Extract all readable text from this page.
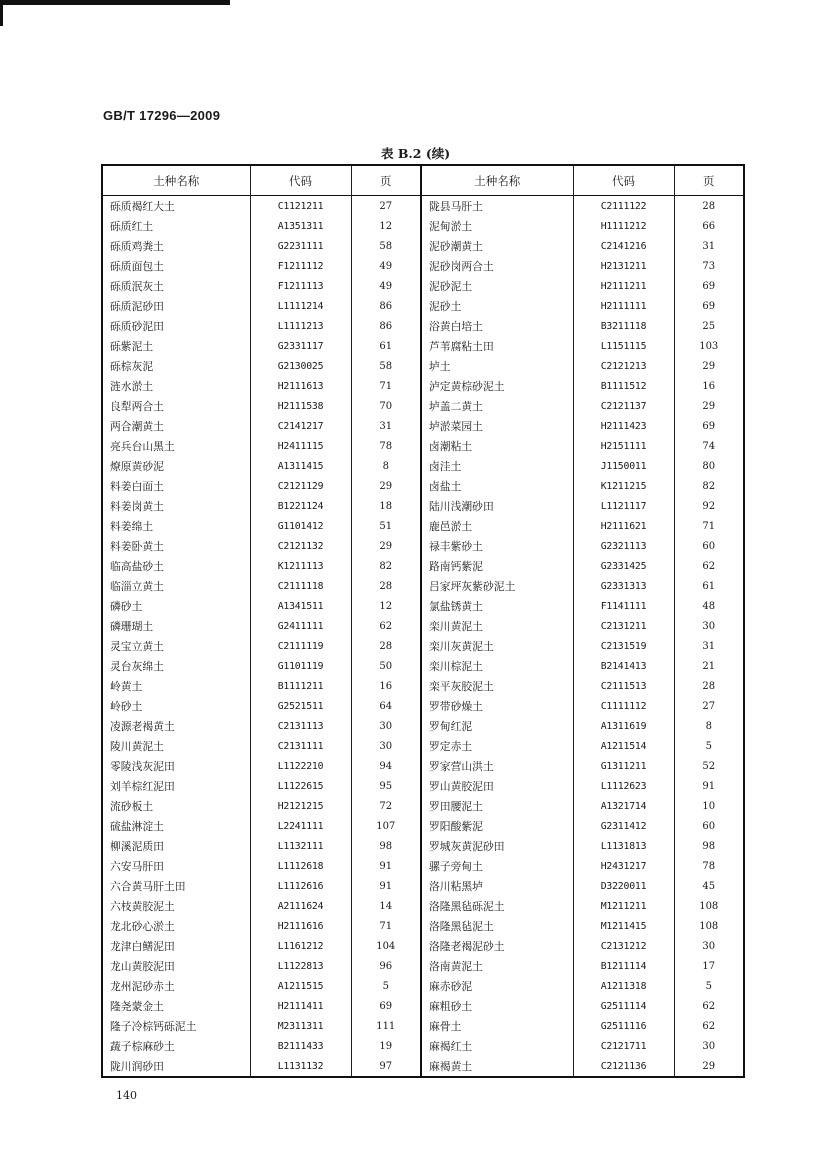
GB/T 17296—2009
表 B.2 (续)
土种名称	代码	页	土种名称	代码	页
砾质褐红大土	C1121211	27	陇县马肝土	C2111122	28
砾质红土	A1351311	12	泥甸淤土	H1111212	66
砾质鸡粪土	G2231111	58	泥砂潮黄土	C2141216	31
砾质面包土	F1211112	49	泥砂岗两合土	H2131211	73
砾质泯灰土	F1211113	49	泥砂泥土	H2111211	69
砾质泥砂田	L1111214	86	泥砂土	H2111111	69
砾质砂泥田	L1111213	86	浴黄白培土	B3211118	25
砾紫泥土	G2331117	61	芦苇腐粘土田	L1151115	103
砾棕灰泥	G2130025	58	垆土	C2121213	29
涟水淤土	H2111613	71	泸定黄棕砂泥土	B1111512	16
良犁两合土	H2111538	70	垆盖二黄土	C2121137	29
两合潮黄土	C2141217	31	垆淤菜园土	H2111423	69
亮兵台山黑土	H2411115	78	卤潮粘土	H2151111	74
燎原黄砂泥	A1311415	8	卤洼土	J1150011	80
料姜白面土	C2121129	29	卤盐土	K1211215	82
料姜岗黄土	B1221124	18	陆川浅潮砂田	L1121117	92
料姜绵土	G1101412	51	鹿邑淤土	H2111621	71
料姜卧黄土	C2121132	29	禄丰紫砂土	G2321113	60
临高盐砂土	K1211113	82	路南钙紫泥	G2331425	62
临淄立黄土	C2111118	28	吕家坪灰紫砂泥土	G2331313	61
磷砂土	A1341511	12	氯盐锈黄土	F1141111	48
磷珊瑚土	G2411111	62	栾川黄泥土	C2131211	30
灵宝立黄土	C2111119	28	栾川灰黄泥土	C2131519	31
灵台灰绵土	G1101119	50	栾川棕泥土	B2141413	21
岭黄土	B1111211	16	栾平灰胶泥土	C2111513	28
岭砂土	G2521511	64	罗带砂燥土	C1111112	27
凌源老褐黄土	C2131113	30	罗甸红泥	A1311619	8
陵川黄泥土	C2131111	30	罗定赤土	A1211514	5
零陵浅灰泥田	L1122210	94	罗家营山洪土	G1311211	52
刘羊棕红泥田	L1122615	95	罗山黄胶泥田	L1112623	91
流砂板土	H2121215	72	罗田腰泥土	A1321714	10
硫盐淋淀土	L2241111	107	罗阳酸紫泥	G2311412	60
柳溪泥质田	L1132111	98	罗城灰黄泥砂田	L1131813	98
六安马肝田	L1112618	91	骡子旁甸土	H2431217	78
六合黄马肝土田	L1112616	91	洛川粘黑垆	D3220011	45
六枝黄胶泥土	A2111624	14	洛隆黑毡砾泥土	M1211211	108
龙北砂心淤土	H2111616	71	洛隆黑毡泥土	M1211415	108
龙津白鳝泥田	L1161212	104	洛隆老褐泥砂土	C2131212	30
龙山黄胶泥田	L1122813	96	洛南黄泥土	B1211114	17
龙州泥砂赤土	A1211515	5	麻赤砂泥	A1211318	5
隆尧蒙金土	H2111411	69	麻粗砂土	G2511114	62
隆子冷棕钙砾泥土	M2311311	111	麻骨土	G2511116	62
蔬子棕麻砂土	B2111433	19	麻褐红土	C2121711	30
陇川润砂田	L1131132	97	麻褐黄土	C2121136	29
140
